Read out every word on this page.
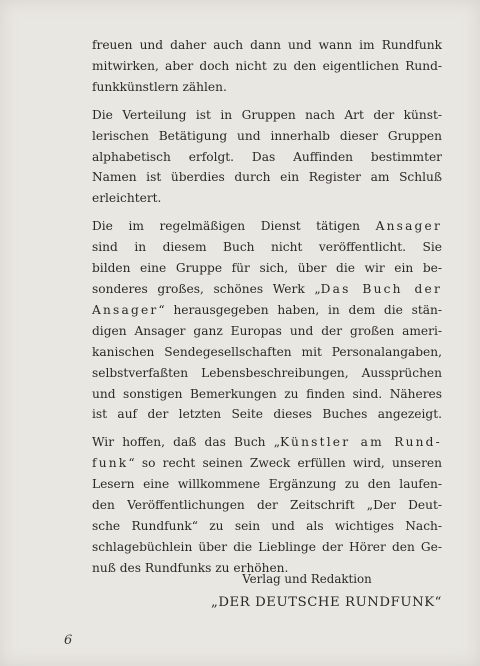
freuen und daher auch dann und wann im Rundfunk
mitwirken, aber doch nicht zu den eigentlichen Rund-
funkkünstlern zählen.
Die Verteilung ist in Gruppen nach Art der künst-
lerischen Betätigung und innerhalb dieser Gruppen
alphabetisch erfolgt. Das Auffinden bestimmter
Namen ist überdies durch ein Register am Schluß
erleichtert.
Die im regelmäßigen Dienst tätigen Ansager
sind in diesem Buch nicht veröffentlicht. Sie
bilden eine Gruppe für sich, über die wir ein be-
sonderes großes, schönes Werk „Das Buch der
Ansager“ herausgegeben haben, in dem die stän-
digen Ansager ganz Europas und der großen ameri-
kanischen Sendegesellschaften mit Personalangaben,
selbstverfaßten Lebensbeschreibungen, Aussprüchen
und sonstigen Bemerkungen zu finden sind. Näheres
ist auf der letzten Seite dieses Buches angezeigt.
Wir hoffen, daß das Buch „Künstler am Rund-
funk“ so recht seinen Zweck erfüllen wird, unseren
Lesern eine willkommene Ergänzung zu den laufen-
den Veröffentlichungen der Zeitschrift „Der Deut-
sche Rundfunk“ zu sein und als wichtiges Nach-
schlagebüchlein über die Lieblinge der Hörer den Ge-
nuß des Rundfunks zu erhöhen.
Verlag und Redaktion
„DER DEUTSCHE RUNDFUNK“
6
